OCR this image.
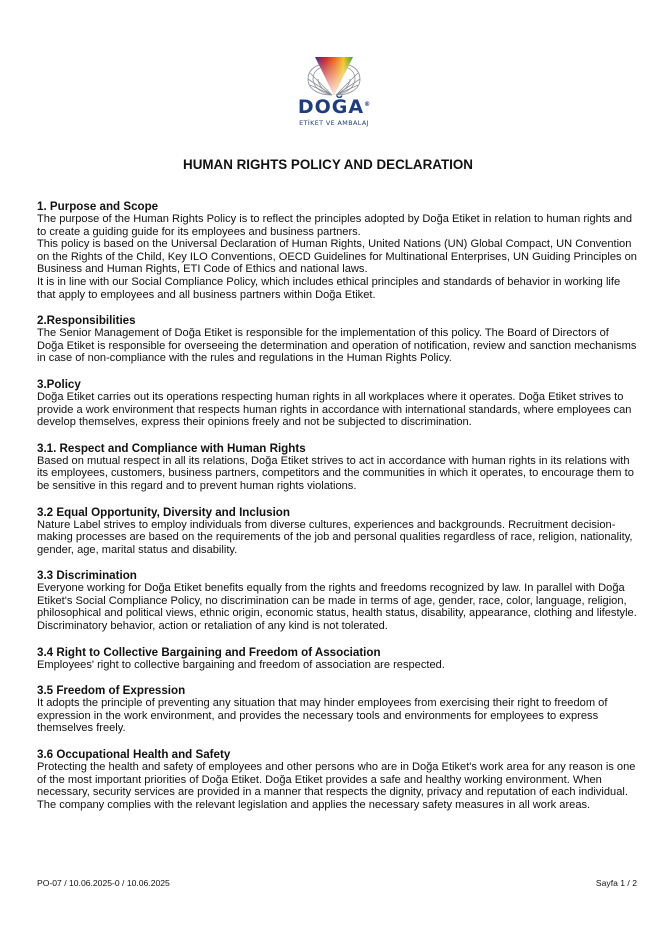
DOĞA®
ETİKET VE AMBALAJ
HUMAN RIGHTS POLICY AND DECLARATION
1. Purpose and Scope

The purpose of the Human Rights Policy is to reflect the principles adopted by Doğa Etiket in relation to human rights and to create a guiding guide for its employees and business partners.

This policy is based on the Universal Declaration of Human Rights, United Nations (UN) Global Compact, UN Convention on the Rights of the Child, Key ILO Conventions, OECD Guidelines for Multinational Enterprises, UN Guiding Principles on Business and Human Rights, ETI Code of Ethics and national laws.

It is in line with our Social Compliance Policy, which includes ethical principles and standards of behavior in working life that apply to employees and all business partners within Doğa Etiket.

2.Responsibilities

The Senior Management of Doğa Etiket is responsible for the implementation of this policy. The Board of Directors of Doğa Etiket is responsible for overseeing the determination and operation of notification, review and sanction mechanisms in case of non-compliance with the rules and regulations in the Human Rights Policy.

3.Policy

Doğa Etiket carries out its operations respecting human rights in all workplaces where it operates. Doğa Etiket strives to provide a work environment that respects human rights in accordance with international standards, where employees can develop themselves, express their opinions freely and not be subjected to discrimination.

3.1. Respect and Compliance with Human Rights

Based on mutual respect in all its relations, Doğa Etiket strives to act in accordance with human rights in its relations with its employees, customers, business partners, competitors and the communities in which it operates, to encourage them to be sensitive in this regard and to prevent human rights violations.

3.2 Equal Opportunity, Diversity and Inclusion

Nature Label strives to employ individuals from diverse cultures, experiences and backgrounds. Recruitment decision-making processes are based on the requirements of the job and personal qualities regardless of race, religion, nationality, gender, age, marital status and disability.

3.3 Discrimination

Everyone working for Doğa Etiket benefits equally from the rights and freedoms recognized by law. In parallel with Doğa Etiket's Social Compliance Policy, no discrimination can be made in terms of age, gender, race, color, language, religion, philosophical and political views, ethnic origin, economic status, health status, disability, appearance, clothing and lifestyle. Discriminatory behavior, action or retaliation of any kind is not tolerated.

3.4 Right to Collective Bargaining and Freedom of Association

Employees' right to collective bargaining and freedom of association are respected.

3.5 Freedom of Expression

It adopts the principle of preventing any situation that may hinder employees from exercising their right to freedom of expression in the work environment, and provides the necessary tools and environments for employees to express themselves freely.

3.6 Occupational Health and Safety

Protecting the health and safety of employees and other persons who are in Doğa Etiket's work area for any reason is one of the most important priorities of Doğa Etiket. Doğa Etiket provides a safe and healthy working environment. When necessary, security services are provided in a manner that respects the dignity, privacy and reputation of each individual. The company complies with the relevant legislation and applies the necessary safety measures in all work areas.

PO-07 / 10.06.2025-0 / 10.06.2025	Sayfa 1 / 2
